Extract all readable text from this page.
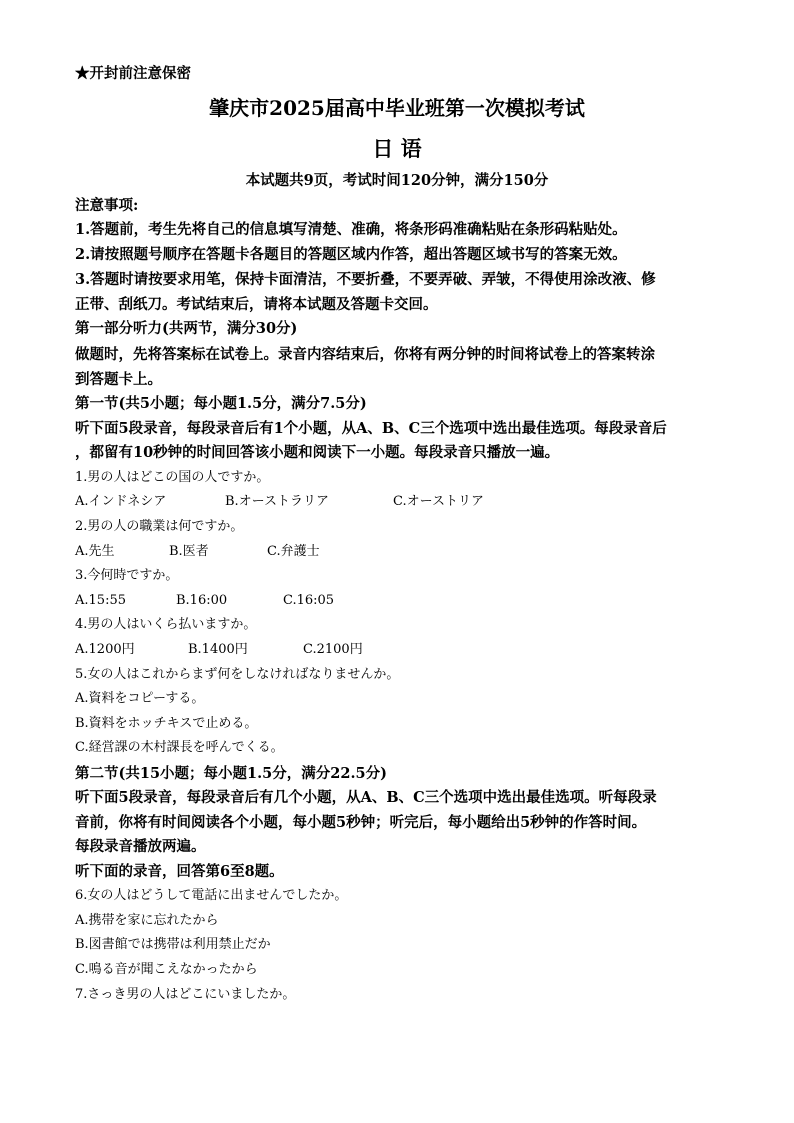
★开封前注意保密
肇庆市2025届高中毕业班第一次模拟考试
日 语
本试题共9页，考试时间120分钟，满分150分
注意事项:
1.答题前，考生先将自己的信息填写清楚、准确，将条形码准确粘贴在条形码粘贴处。
2.请按照题号顺序在答题卡各题目的答题区域内作答，超出答题区域书写的答案无效。
3.答题时请按要求用笔，保持卡面清洁，不要折叠，不要弄破、弄皱，不得使用涂改液、修
正带、刮纸刀。考试结束后，请将本试题及答题卡交回。
第一部分听力(共两节，满分30分)
做题时，先将答案标在试卷上。录音内容结束后，你将有两分钟的时间将试卷上的答案转涂
到答题卡上。
第一节(共5小题；每小题1.5分，满分7.5分)
听下面5段录音，每段录音后有1个小题，从A、B、C三个选项中选出最佳选项。每段录音后
，都留有10秒钟的时间回答该小题和阅读下一小题。每段录音只播放一遍。
1.男の人はどこの国の人ですか。
A.インドネシア	B.オーストラリア	C.オーストリア
2.男の人の職業は何ですか。
A.先生	B.医者	C.弁護士
3.今何時ですか。
A.15:55	B.16:00	C.16:05
4.男の人はいくら払いますか。
A.1200円	B.1400円	C.2100円
5.女の人はこれからまず何をしなければなりませんか。
A.資料をコピーする。
B.資料をホッチキスで止める。
C.経営課の木村課長を呼んでくる。
第二节(共15小题；每小题1.5分，满分22.5分)
听下面5段录音，每段录音后有几个小题，从A、B、C三个选项中选出最佳选项。听每段录
音前，你将有时间阅读各个小题，每小题5秒钟；听完后，每小题给出5秒钟的作答时间。
每段录音播放两遍。
听下面的录音，回答第6至8题。
6.女の人はどうして電話に出ませんでしたか。
A.携帯を家に忘れたから
B.図書館では携帯は利用禁止だか
C.鳴る音が聞こえなかったから
7.さっき男の人はどこにいましたか。
